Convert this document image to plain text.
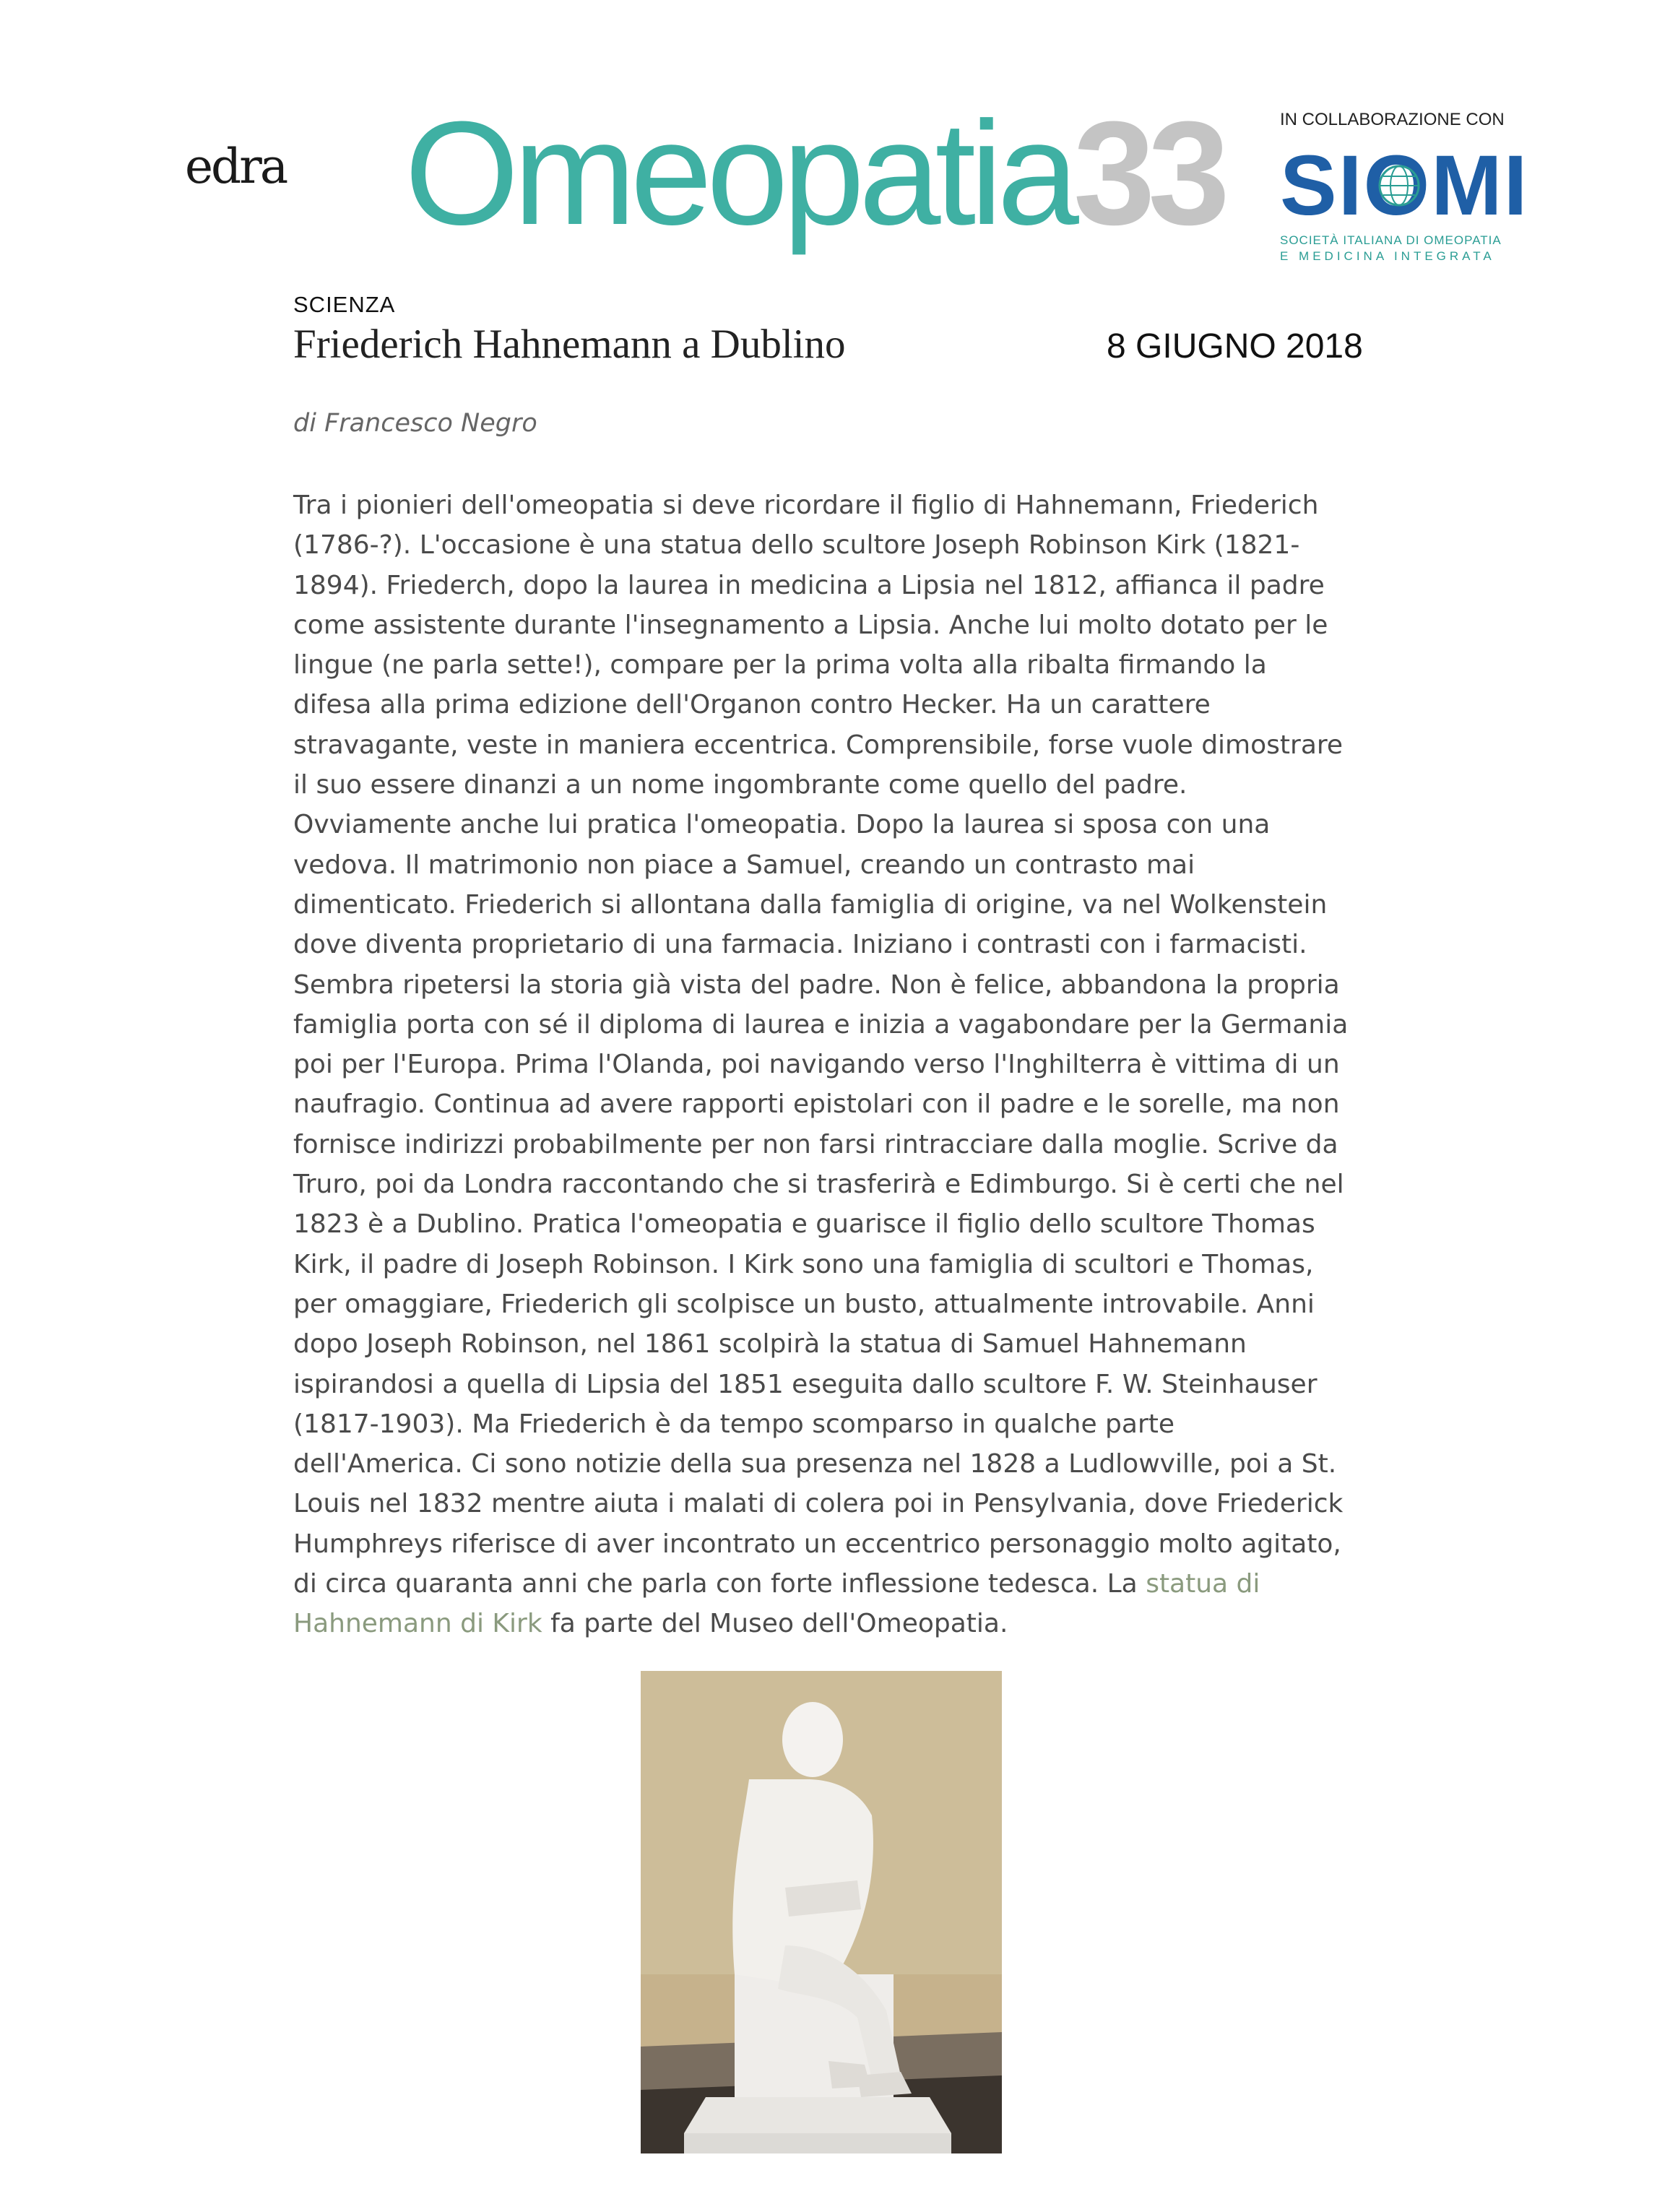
edra Omeopatia33	IN COLLABORAZIONE CON
SIOMI
SOCIETÀ ITALIANA DI OMEOPATIA
E MEDICINA INTEGRATA
SCIENZA
Friederich Hahnemann a Dublino	8 GIUGNO 2018
di Francesco Negro
Tra i pionieri dell'omeopatia si deve ricordare il figlio di Hahnemann, Friederich
(1786-?). L'occasione è una statua dello scultore Joseph Robinson Kirk (1821-
1894). Friederch, dopo la laurea in medicina a Lipsia nel 1812, affianca il padre
come assistente durante l'insegnamento a Lipsia. Anche lui molto dotato per le
lingue (ne parla sette!), compare per la prima volta alla ribalta firmando la
difesa alla prima edizione dell'Organon contro Hecker. Ha un carattere
stravagante, veste in maniera eccentrica. Comprensibile, forse vuole dimostrare
il suo essere dinanzi a un nome ingombrante come quello del padre.
Ovviamente anche lui pratica l'omeopatia. Dopo la laurea si sposa con una
vedova. Il matrimonio non piace a Samuel, creando un contrasto mai
dimenticato. Friederich si allontana dalla famiglia di origine, va nel Wolkenstein
dove diventa proprietario di una farmacia. Iniziano i contrasti con i farmacisti.
Sembra ripetersi la storia già vista del padre. Non è felice, abbandona la propria
famiglia porta con sé il diploma di laurea e inizia a vagabondare per la Germania
poi per l'Europa. Prima l'Olanda, poi navigando verso l'Inghilterra è vittima di un
naufragio. Continua ad avere rapporti epistolari con il padre e le sorelle, ma non
fornisce indirizzi probabilmente per non farsi rintracciare dalla moglie. Scrive da
Truro, poi da Londra raccontando che si trasferirà e Edimburgo. Si è certi che nel
1823 è a Dublino. Pratica l'omeopatia e guarisce il figlio dello scultore Thomas
Kirk, il padre di Joseph Robinson. I Kirk sono una famiglia di scultori e Thomas,
per omaggiare, Friederich gli scolpisce un busto, attualmente introvabile. Anni
dopo Joseph Robinson, nel 1861 scolpirà la statua di Samuel Hahnemann
ispirandosi a quella di Lipsia del 1851 eseguita dallo scultore F. W. Steinhauser
(1817-1903). Ma Friederich è da tempo scomparso in qualche parte
dell'America. Ci sono notizie della sua presenza nel 1828 a Ludlowville, poi a St.
Louis nel 1832 mentre aiuta i malati di colera poi in Pensylvania, dove Friederick
Humphreys riferisce di aver incontrato un eccentrico personaggio molto agitato,
di circa quaranta anni che parla con forte inflessione tedesca. La statua di
Hahnemann di Kirk fa parte del Museo dell'Omeopatia.
